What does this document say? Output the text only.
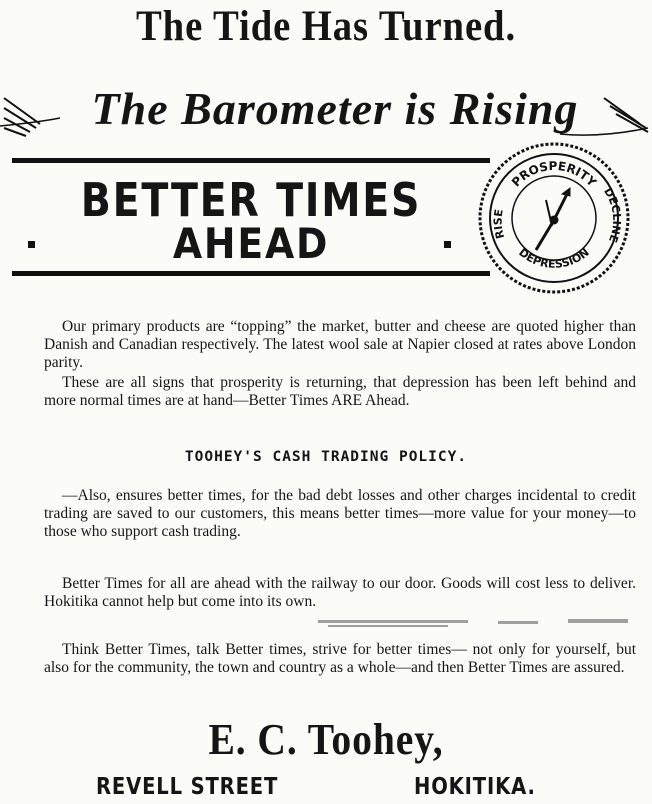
The Tide Has Turned.
The Barometer is Rising
BETTER TIMES
AHEAD
PROSPERITY
DEPRESSION
RISE
DECLINE
Our primary products are “topping” the market, butter and cheese are quoted higher than Danish and Canadian respectively. The latest wool sale at Napier closed at rates above London parity.
These are all signs that prosperity is returning, that depression has been left behind and more normal times are at hand—Better Times ARE Ahead.
TOOHEY'S CASH TRADING POLICY.
—Also, ensures better times, for the bad debt losses and other charges incidental to credit trading are saved to our customers, this means better times—more value for your money—to those who support cash trading.
Better Times for all are ahead with the railway to our door. Goods will cost less to deliver. Hokitika cannot help but come into its own.
Think Better Times, talk Better times, strive for better times— not only for yourself, but also for the community, the town and country as a whole—and then Better Times are assured.
E. C. Toohey,
REVELL STREET	HOKITIKA.
